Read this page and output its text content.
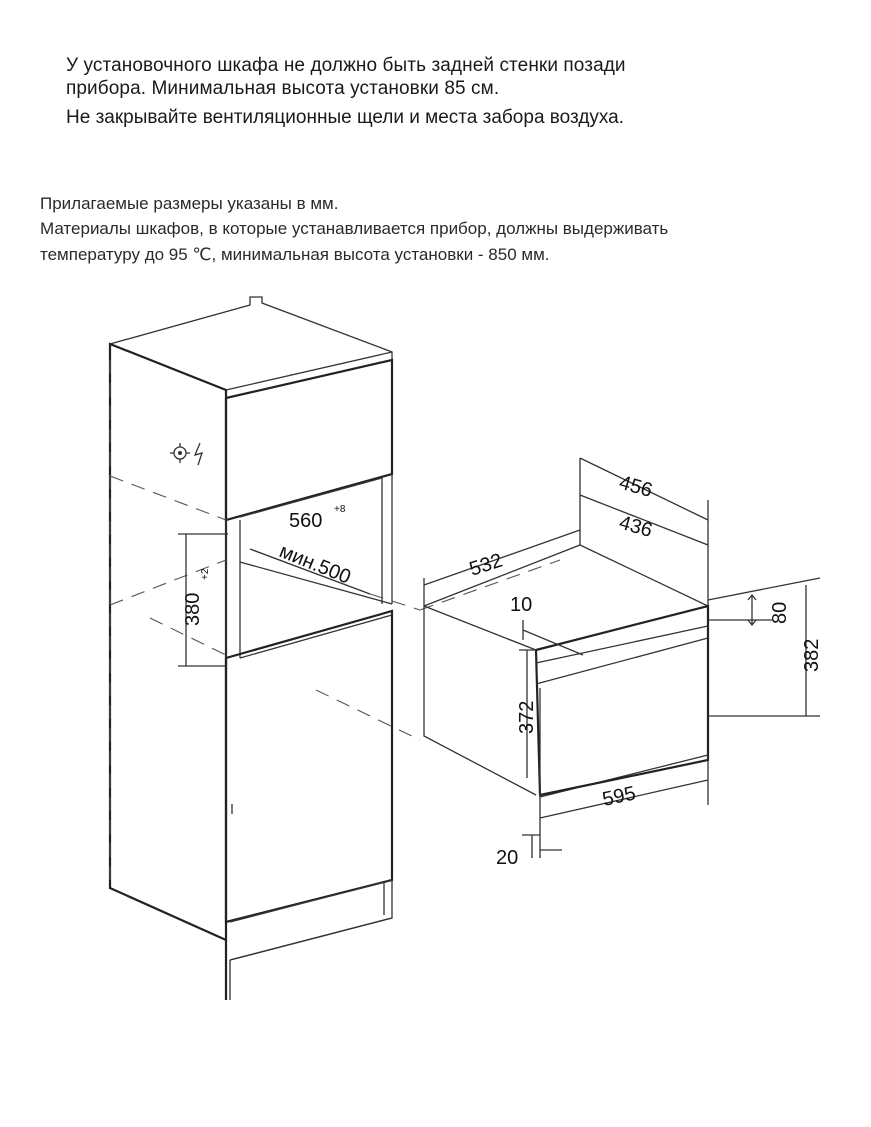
У установочного шкафа не должно быть задней стенки позади
прибора. Минимальная высота установки 85 см.

Не закрывайте вентиляционные щели и места забора воздуха.

Прилагаемые размеры указаны в мм.

Материалы шкафов, в которые устанавливается прибор, должны выдерживать
температуру до 95 ℃, минимальная высота установки - 850 мм.

560
+8
380
+2	мин.500
456
436
532
10	80
382
372
595
20
